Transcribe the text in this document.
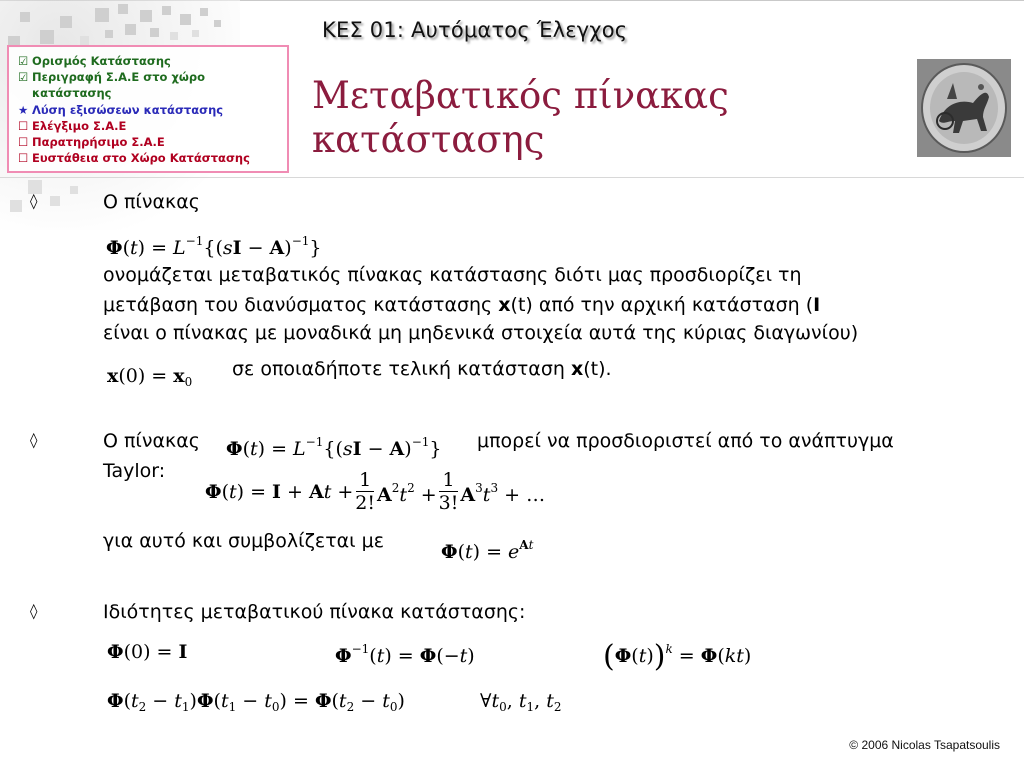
ΚΕΣ 01: Αυτόματος Έλεγχος
☑ Ορισμός Κατάστασης
☑ Περιγραφή Σ.Α.Ε στο χώρο
κατάστασης
★ Λύση εξισώσεων κατάστασης
☐ Ελέγξιμο Σ.Α.Ε
☐ Παρατηρήσιμο Σ.Α.Ε
☐ Ευστάθεια στο Χώρο Κατάστασης
Μεταβατικός πίνακας
κατάστασης
◊	Ο πίνακας
$\Phi(t) = L^{-1}\{(sI - A)^{-1}\}$
ονομάζεται μεταβατικός πίνακας κατάστασης διότι μας προσδιορίζει τη
μετάβαση του διανύσματος κατάστασης x(t) από την αρχική κατάσταση (I
είναι ο πίνακας με μοναδικά μη μηδενικά στοιχεία αυτά της κύριας διαγωνίου)
$x(0) = x_0$
σε οποιαδήποτε τελική κατάσταση x(t).
◊	Ο πίνακας $\Phi(t) = L^{-1}\{(sI - A)^{-1}\}$ μπορεί να προσδιοριστεί από το ανάπτυγμα
Taylor:
$\Phi(t) = I + At + \frac{1}{2!} A^2t^2 + \frac{1}{3!} A^3t^3$ + …
για αυτό και συμβολίζεται με	$\Phi(t) = e^{At}$
◊	Ιδιότητες μεταβατικού πίνακα κατάστασης:
Φ(0) = I	$\Phi^{-1}(t) = \Phi(-t)$	$(\Phi(t))^k = \Phi(kt)$
$\Phi(t_2 - t_1)\Phi(t_1 - t_0) = \Phi(t_2 - t_0)$	$\forall t_0$, $t_1$, $t_2$
© 2006 Nicolas Tsapatsoulis
